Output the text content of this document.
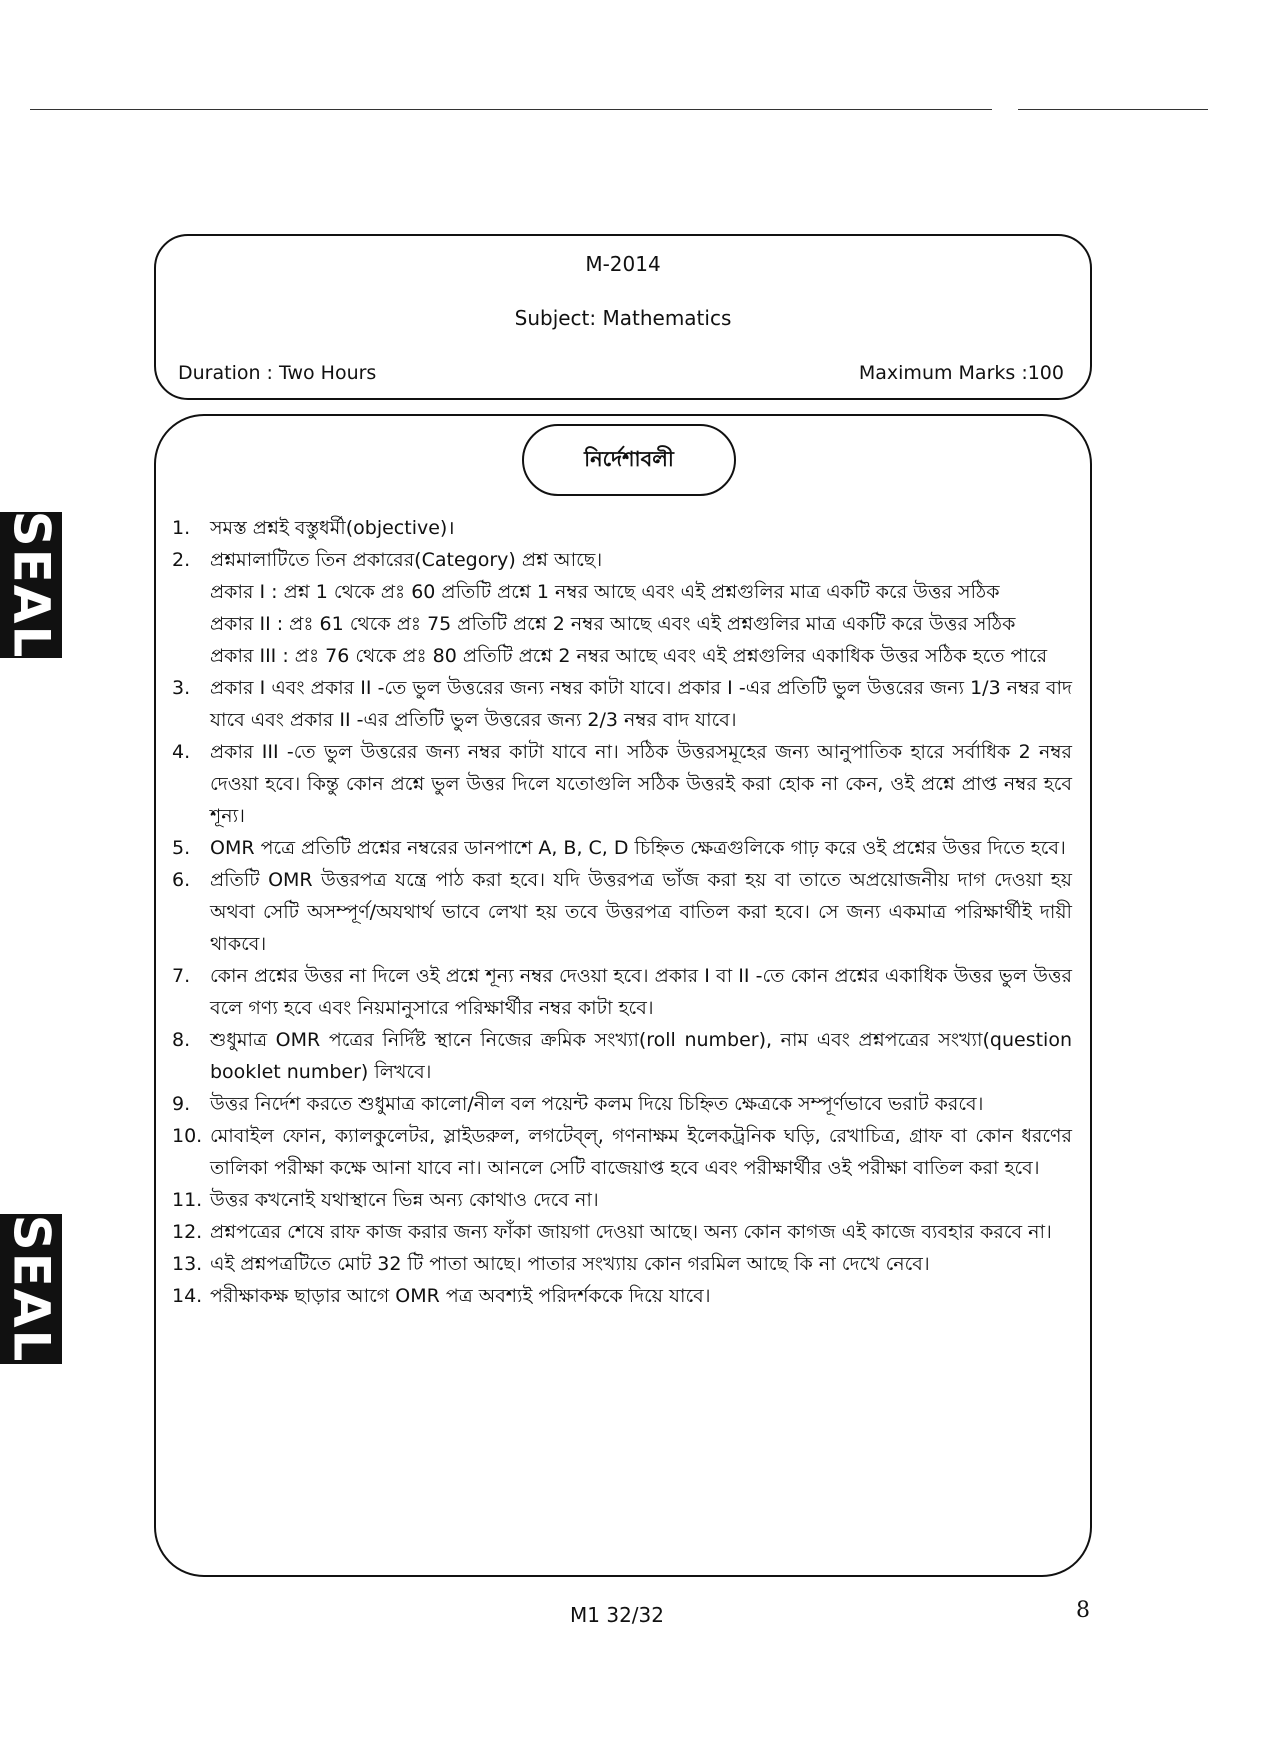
SEAL
SEAL
M-2014
Subject: Mathematics
Duration : Two Hours	Maximum Marks :100
নির্দেশাবলী
1.	সমস্ত প্রশ্নই বস্তুধর্মী(objective)।
2.	প্রশ্নমালাটিতে তিন প্রকারের(Category) প্রশ্ন আছে।
প্রকার I : প্রশ্ন 1 থেকে প্রঃ 60 প্রতিটি প্রশ্নে 1 নম্বর আছে এবং এই প্রশ্নগুলির মাত্র একটি করে উত্তর সঠিক
প্রকার II : প্রঃ 61 থেকে প্রঃ 75 প্রতিটি প্রশ্নে 2 নম্বর আছে এবং এই প্রশ্নগুলির মাত্র একটি করে উত্তর সঠিক
প্রকার III : প্রঃ 76 থেকে প্রঃ 80 প্রতিটি প্রশ্নে 2 নম্বর আছে এবং এই প্রশ্নগুলির একাধিক উত্তর সঠিক হতে পারে
3.	প্রকার I এবং প্রকার II -তে ভুল উত্তরের জন্য নম্বর কাটা যাবে। প্রকার I -এর প্রতিটি ভুল উত্তরের জন্য 1/3 নম্বর বাদ যাবে এবং প্রকার II -এর প্রতিটি ভুল উত্তরের জন্য 2/3 নম্বর বাদ যাবে।
4.	প্রকার III -তে ভুল উত্তরের জন্য নম্বর কাটা যাবে না। সঠিক উত্তরসমূহের জন্য আনুপাতিক হারে সর্বাধিক 2 নম্বর দেওয়া হবে। কিন্তু কোন প্রশ্নে ভুল উত্তর দিলে যতোগুলি সঠিক উত্তরই করা হোক না কেন, ওই প্রশ্নে প্রাপ্ত নম্বর হবে শূন্য।
5.	OMR পত্রে প্রতিটি প্রশ্নের নম্বরের ডানপাশে A, B, C, D চিহ্নিত ক্ষেত্রগুলিকে গাঢ় করে ওই প্রশ্নের উত্তর দিতে হবে।
6.	প্রতিটি OMR উত্তরপত্র যন্ত্রে পাঠ করা হবে। যদি উত্তরপত্র ভাঁজ করা হয় বা তাতে অপ্রয়োজনীয় দাগ দেওয়া হয় অথবা সেটি অসম্পূর্ণ/অযথার্থ ভাবে লেখা হয় তবে উত্তরপত্র বাতিল করা হবে। সে জন্য একমাত্র পরিক্ষার্থীই দায়ী থাকবে।
7.	কোন প্রশ্নের উত্তর না দিলে ওই প্রশ্নে শূন্য নম্বর দেওয়া হবে। প্রকার I বা II -তে কোন প্রশ্নের একাধিক উত্তর ভুল উত্তর বলে গণ্য হবে এবং নিয়মানুসারে পরিক্ষার্থীর নম্বর কাটা হবে।
8.	শুধুমাত্র OMR পত্রের নির্দিষ্ট স্থানে নিজের ক্রমিক সংখ্যা(roll number), নাম এবং প্রশ্নপত্রের সংখ্যা(question booklet number) লিখবে।
9.	উত্তর নির্দেশ করতে শুধুমাত্র কালো/নীল বল পয়েন্ট কলম দিয়ে চিহ্নিত ক্ষেত্রকে সম্পূর্ণভাবে ভরাট করবে।
10. মোবাইল ফোন, ক্যালকুলেটর, স্লাইডরুল, লগটেব্‌ল্‌, গণনাক্ষম ইলেকট্রনিক ঘড়ি, রেখাচিত্র, গ্রাফ বা কোন ধরণের তালিকা পরীক্ষা কক্ষে আনা যাবে না। আনলে সেটি বাজেয়াপ্ত হবে এবং পরীক্ষার্থীর ওই পরীক্ষা বাতিল করা হবে।
11. উত্তর কখনোই যথাস্থানে ভিন্ন অন্য কোথাও দেবে না।
12. প্রশ্নপত্রের শেষে রাফ কাজ করার জন্য ফাঁকা জায়গা দেওয়া আছে। অন্য কোন কাগজ এই কাজে ব্যবহার করবে না।
13. এই প্রশ্নপত্রটিতে মোট 32 টি পাতা আছে। পাতার সংখ্যায় কোন গরমিল আছে কি না দেখে নেবে।
14. পরীক্ষাকক্ষ ছাড়ার আগে OMR পত্র অবশ্যই পরিদর্শককে দিয়ে যাবে।
M1 32/32	8
